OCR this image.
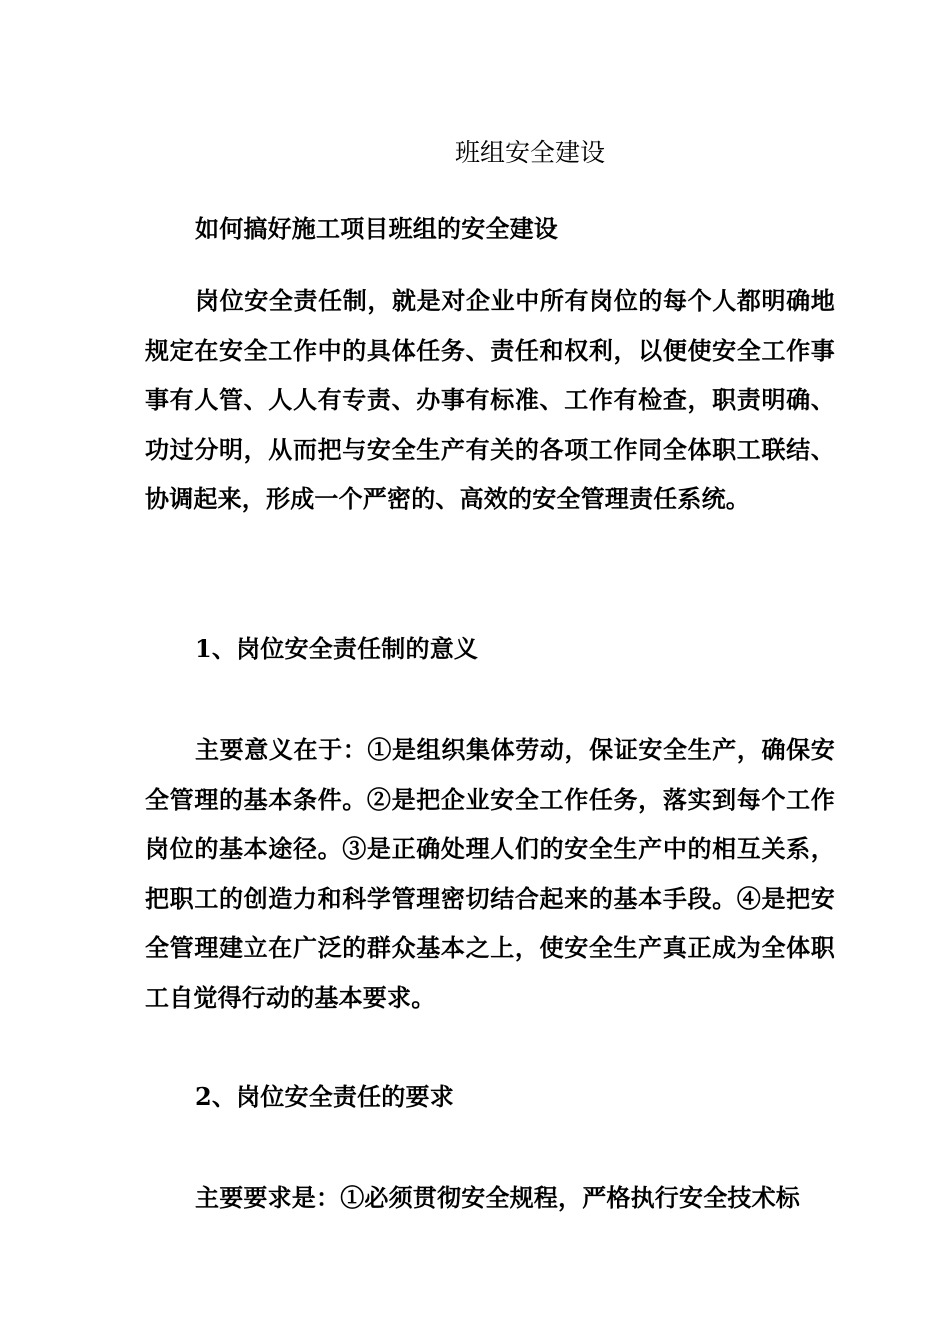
班组安全建设
如何搞好施工项目班组的安全建设
岗位安全责任制，就是对企业中所有岗位的每个人都明确地规定在安全工作中的具体任务、责任和权利，以便使安全工作事事有人管、人人有专责、办事有标准、工作有检查，职责明确、功过分明，从而把与安全生产有关的各项工作同全体职工联结、协调起来，形成一个严密的、高效的安全管理责任系统。
1、岗位安全责任制的意义
主要意义在于：①是组织集体劳动，保证安全生产，确保安全管理的基本条件。②是把企业安全工作任务，落实到每个工作岗位的基本途径。③是正确处理人们的安全生产中的相互关系，把职工的创造力和科学管理密切结合起来的基本手段。④是把安全管理建立在广泛的群众基本之上，使安全生产真正成为全体职工自觉得行动的基本要求。
2、岗位安全责任的要求
主要要求是：①必须贯彻安全规程，严格执行安全技术标
